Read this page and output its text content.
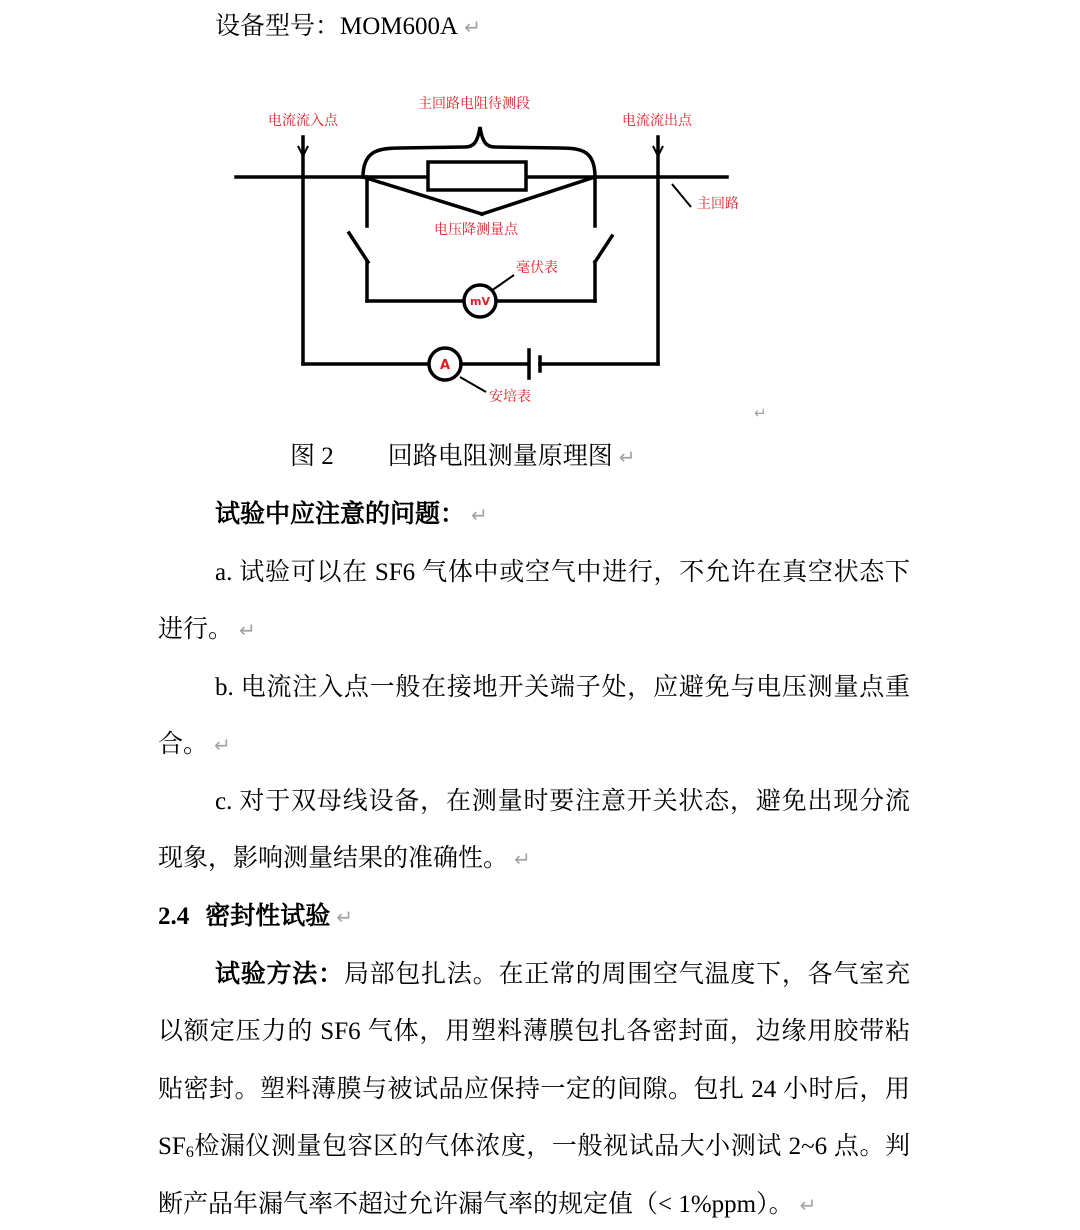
设备型号：MOM600A ↵
mV
A
电流流入点
主回路电阻待测段
电流流出点
主回路
电压降测量点
毫伏表
安培表
↵
图 2 回路电阻测量原理图 ↵
试验中应注意的问题： ↵
a. 试验可以在 SF6 气体中或空气中进行，不允许在真空状态下
进行。 ↵
b. 电流注入点一般在接地开关端子处，应避免与电压测量点重
合。 ↵
c. 对于双母线设备，在测量时要注意开关状态，避免出现分流
现象，影响测量结果的准确性。 ↵
2.4 密封性试验 ↵
试验方法：局部包扎法。在正常的周围空气温度下，各气室充
以额定压力的 SF6 气体，用塑料薄膜包扎各密封面，边缘用胶带粘
贴密封。塑料薄膜与被试品应保持一定的间隙。包扎 24 小时后，用
$SF_6$检漏仪测量包容区的气体浓度，一般视试品大小测试 2~6 点。判
断产品年漏气率不超过允许漏气率的规定值（< 1%ppm）。 ↵
